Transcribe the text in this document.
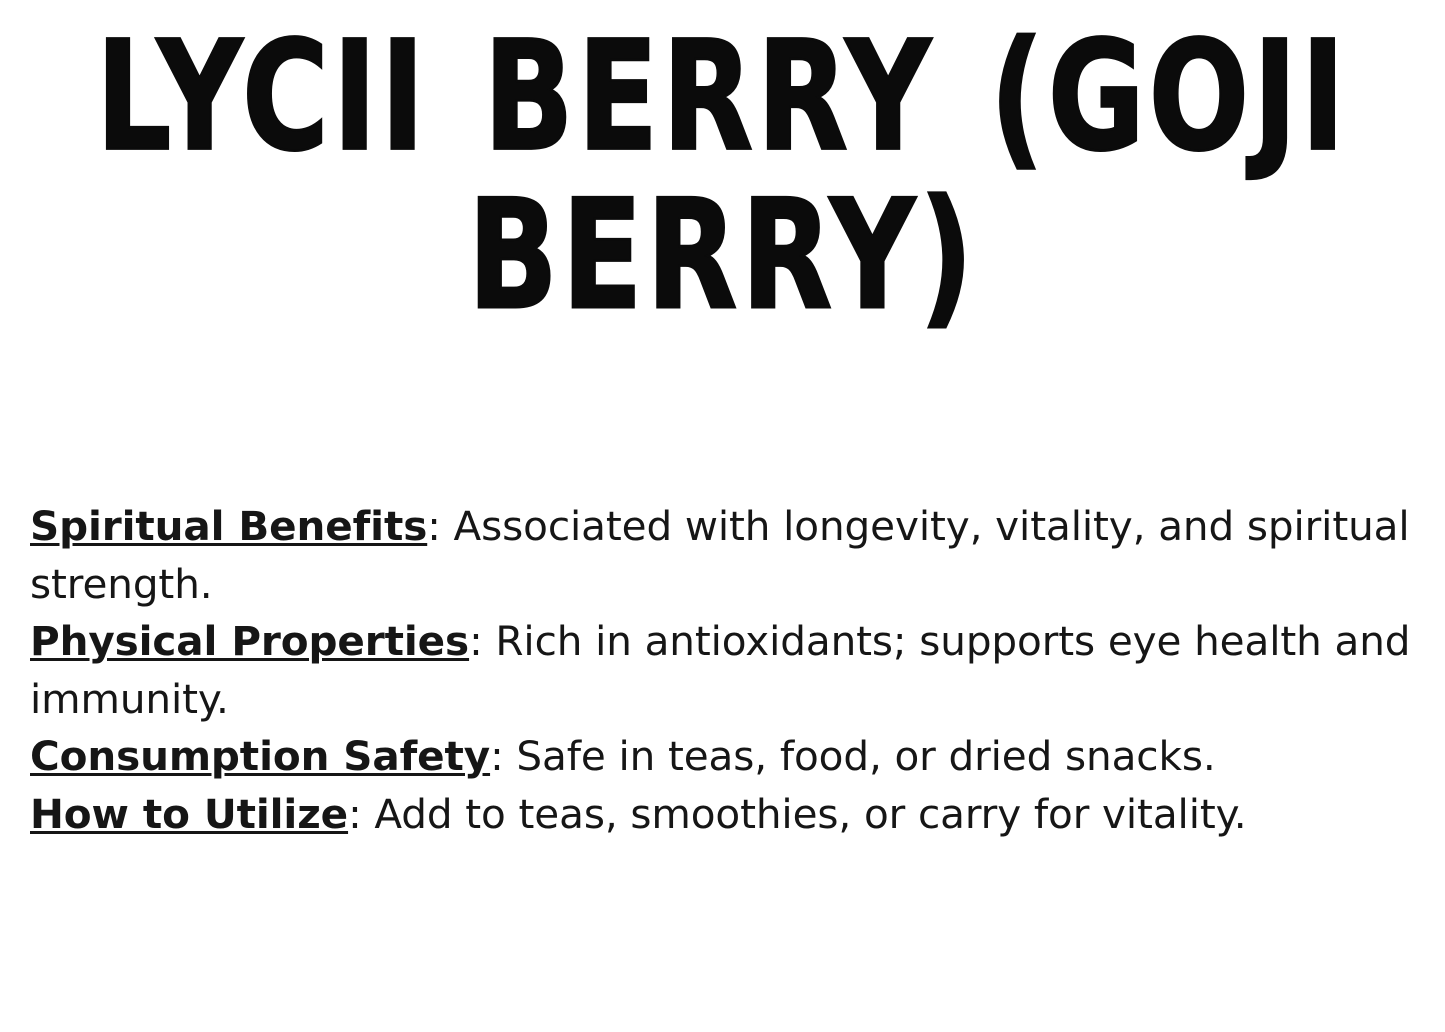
LYCII BERRY (GOJI BERRY)

Spiritual Benefits: Associated with longevity, vitality, and spiritual strength.

Physical Properties: Rich in antioxidants; supports eye health and immunity.

Consumption Safety: Safe in teas, food, or dried snacks.

How to Utilize: Add to teas, smoothies, or carry for vitality.
